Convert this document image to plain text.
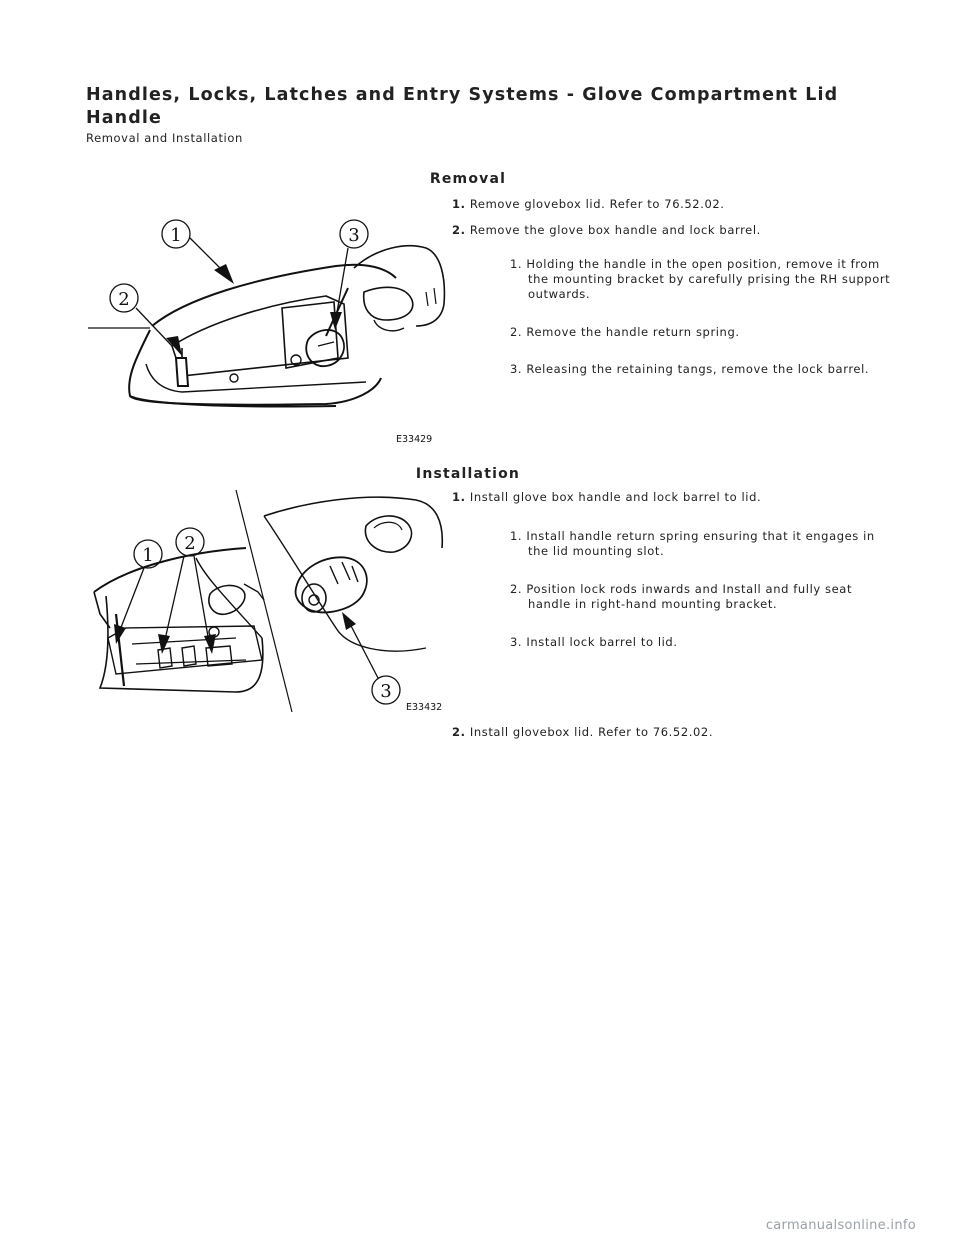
Handles, Locks, Latches and Entry Systems - Glove Compartment Lid Handle
Removal and Installation
Removal
1
2
3
E33429
1. Remove glovebox lid. Refer to 76.52.02.
2. Remove the glove box handle and lock barrel.
1. Holding the handle in the open position, remove it from the mounting bracket by carefully prising the RH support outwards.
2. Remove the handle return spring.
3. Releasing the retaining tangs, remove the lock barrel.
Installation
1
2
3
E33432
1. Install glove box handle and lock barrel to lid.
1. Install handle return spring ensuring that it engages in the lid mounting slot.
2. Position lock rods inwards and Install and fully seat handle in right-hand mounting bracket.
3. Install lock barrel to lid.
2. Install glovebox lid. Refer to 76.52.02.
carmanualsonline.info
